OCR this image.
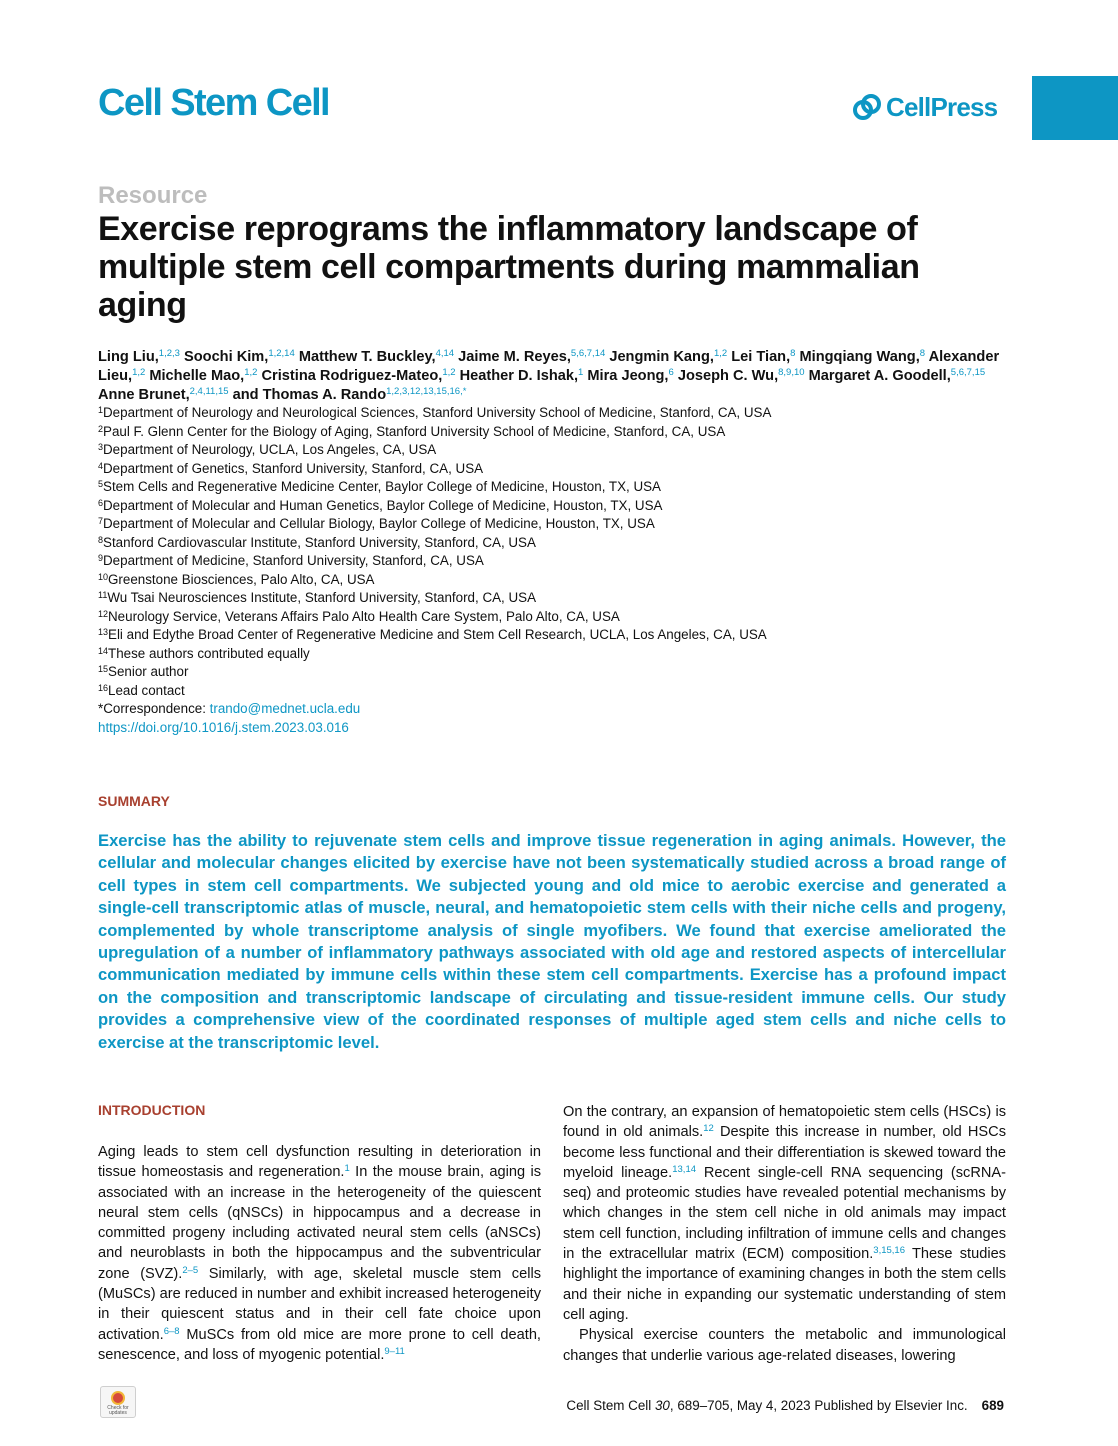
Cell Stem Cell	CellPress
Resource
Exercise reprograms the inflammatory landscape of multiple stem cell compartments during mammalian aging
Ling Liu,$^{1,2,3}$ Soochi Kim,$^{1,2,14}$ Matthew T. Buckley,$^{4,14}$ Jaime M. Reyes,$^{5,6,7,14}$ Jengmin Kang,$^{1,2}$ Lei Tian,$^8$ Mingqiang Wang,$^8$ Alexander Lieu,$^{1,2}$ Michelle Mao,$^{1,2}$ Cristina Rodriguez-Mateo,$^{1,2}$ Heather D. Ishak,$^1$ Mira Jeong,$^6$ Joseph C. Wu,$^{8,9,10}$ Margaret A. Goodell,$^{5,6,7,15}$ Anne Brunet,$^{2,4,11,15}$ and Thomas A. Rando$^{1,2,3,12,13,15,16,*}$
$^1$Department of Neurology and Neurological Sciences, Stanford University School of Medicine, Stanford, CA, USA
$^2$Paul F. Glenn Center for the Biology of Aging, Stanford University School of Medicine, Stanford, CA, USA
$^3$Department of Neurology, UCLA, Los Angeles, CA, USA
$^4$Department of Genetics, Stanford University, Stanford, CA, USA
$^5$Stem Cells and Regenerative Medicine Center, Baylor College of Medicine, Houston, TX, USA
$^6$Department of Molecular and Human Genetics, Baylor College of Medicine, Houston, TX, USA
$^7$Department of Molecular and Cellular Biology, Baylor College of Medicine, Houston, TX, USA
$^8$Stanford Cardiovascular Institute, Stanford University, Stanford, CA, USA
$^9$Department of Medicine, Stanford University, Stanford, CA, USA
$^{10}$Greenstone Biosciences, Palo Alto, CA, USA
$^{11}$Wu Tsai Neurosciences Institute, Stanford University, Stanford, CA, USA
$^{12}$Neurology Service, Veterans Affairs Palo Alto Health Care System, Palo Alto, CA, USA
$^{13}$Eli and Edythe Broad Center of Regenerative Medicine and Stem Cell Research, UCLA, Los Angeles, CA, USA
$^{14}$These authors contributed equally
$^{15}$Senior author
$^{16}$Lead contact
*Correspondence: trando@mednet.ucla.edu
https://doi.org/10.1016/j.stem.2023.03.016
SUMMARY
Exercise has the ability to rejuvenate stem cells and improve tissue regeneration in aging animals. However, the cellular and molecular changes elicited by exercise have not been systematically studied across a broad range of cell types in stem cell compartments. We subjected young and old mice to aerobic exercise and generated a single-cell transcriptomic atlas of muscle, neural, and hematopoietic stem cells with their niche cells and progeny, complemented by whole transcriptome analysis of single myofibers. We found that exercise ameliorated the upregulation of a number of inflammatory pathways associated with old age and restored aspects of intercellular communication mediated by immune cells within these stem cell compartments. Exercise has a profound impact on the composition and transcriptomic landscape of circulating and tissue-resident immune cells. Our study provides a comprehensive view of the coordinated responses of multiple aged stem cells and niche cells to exercise at the transcriptomic level.
INTRODUCTION

Aging leads to stem cell dysfunction resulting in deterioration in tissue homeostasis and regeneration.$^1$ In the mouse brain, aging is associated with an increase in the heterogeneity of the quiescent neural stem cells (qNSCs) in hippocampus and a decrease in committed progeny including activated neural stem cells (aNSCs) and neuroblasts in both the hippocampus and the subventricular zone (SVZ).$^{2-5}$ Similarly, with age, skeletal muscle stem cells (MuSCs) are reduced in number and exhibit increased heterogeneity in their quiescent status and in their cell fate choice upon activation.$^{6-8}$ MuSCs from old mice are more prone to cell death, senescence, and loss of myogenic potential.$^{9-11}$

On the contrary, an expansion of hematopoietic stem cells (HSCs) is found in old animals.$^{12}$ Despite this increase in number, old HSCs become less functional and their differentiation is skewed toward the myeloid lineage.$^{13,14}$ Recent single-cell RNA sequencing (scRNA-seq) and proteomic studies have revealed potential mechanisms by which changes in the stem cell niche in old animals may impact stem cell function, including infiltration of immune cells and changes in the extracellular matrix (ECM) composition.$^{3,15,16}$ These studies highlight the importance of examining changes in both the stem cells and their niche in expanding our systematic understanding of stem cell aging.

Physical exercise counters the metabolic and immunological changes that underlie various age-related diseases, lowering

Check for updates	Cell Stem Cell 30, 689–705, May 4, 2023 Published by Elsevier Inc. 689
